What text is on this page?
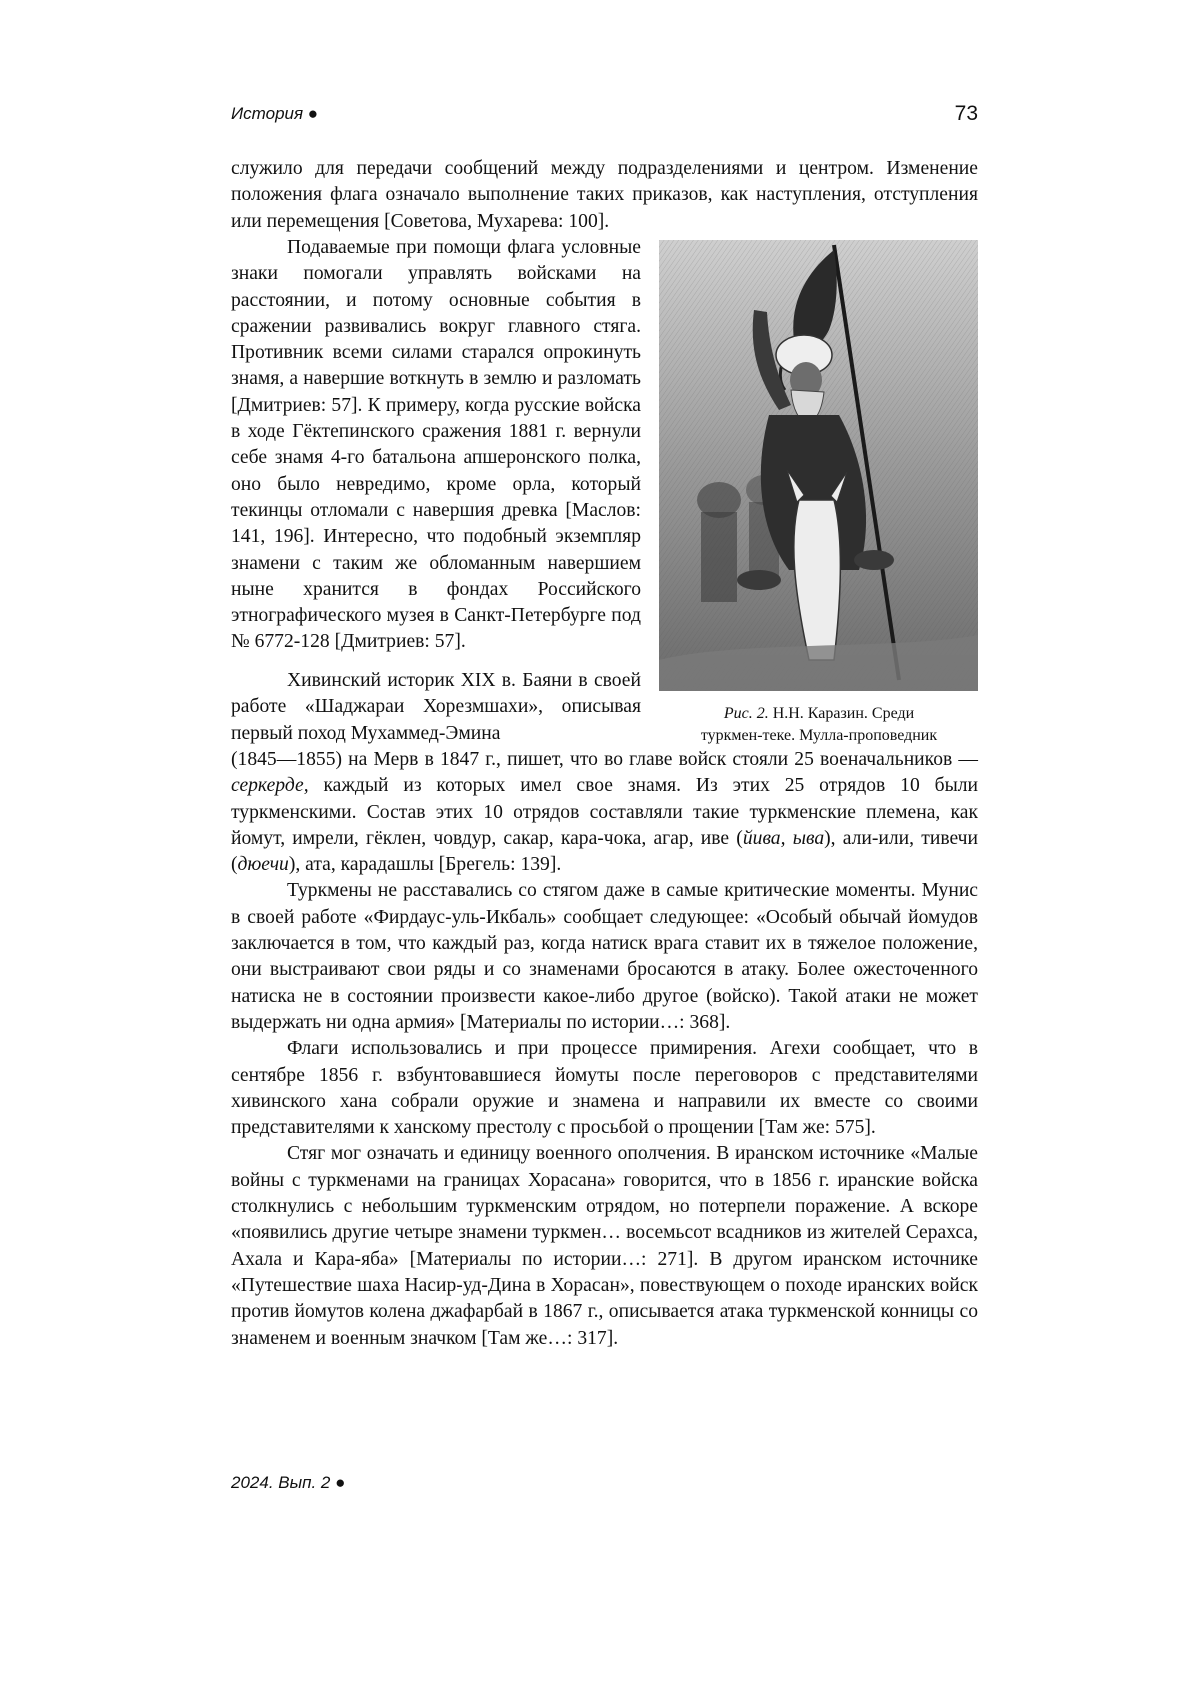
История ●	73

служило для передачи сообщений между подразделениями и центром. Изменение положения флага означало выполнение таких приказов, как наступления, отступления или перемещения [Советова, Мухарева: 100].

Подаваемые при помощи флага условные знаки помогали управлять войсками на расстоянии, и потому основные события в сражении развивались вокруг главного стяга. Противник всеми силами старался опрокинуть знамя, а навершие воткнуть в землю и разломать [Дмитриев: 57]. К примеру, когда русские войска в ходе Гёктепинского сражения 1881 г. вернули себе знамя 4-го батальона апшеронского полка, оно было невредимо, кроме орла, который текинцы отломали с навершия древка [Маслов: 141, 196]. Интересно, что подобный экземпляр знамени с таким же обломанным навершием ныне хранится в фондах Российского этнографического музея в Санкт-Петербурге под № 6772-128 [Дмитриев: 57].

Хивинский историк XIX в. Баяни в своей работе «Шаджараи Хорезмшахи», описывая первый поход Мухаммед-Эмина

Рис. 2. Н.Н. Каразин. Среди
туркмен-теке. Мулла-проповедник

(1845—1855) на Мерв в 1847 г., пишет, что во главе войск стояли 25 военачальников — серкерде, каждый из которых имел свое знамя. Из этих 25 отрядов 10 были туркменскими. Состав этих 10 отрядов составляли такие туркменские племена, как йомут, имрели, гёклен, човдур, сакар, кара-чока, агар, иве (йива, ыва), али-или, тивечи (дюечи), ата, карадашлы [Брегель: 139].

Туркмены не расставались со стягом даже в самые критические моменты. Мунис в своей работе «Фирдаус-уль-Икбаль» сообщает следующее: «Особый обычай йомудов заключается в том, что каждый раз, когда натиск врага ставит их в тяжелое положение, они выстраивают свои ряды и со знаменами бросаются в атаку. Более ожесточенного натиска не в состоянии произвести какое-либо другое (войско). Такой атаки не может выдержать ни одна армия» [Материалы по истории…: 368].

Флаги использовались и при процессе примирения. Агехи сообщает, что в сентябре 1856 г. взбунтовавшиеся йомуты после переговоров с представителями хивинского хана собрали оружие и знамена и направили их вместе со своими представителями к ханскому престолу с просьбой о прощении [Там же: 575].

Стяг мог означать и единицу военного ополчения. В иранском источнике «Малые войны с туркменами на границах Хорасана» говорится, что в 1856 г. иранские войска столкнулись с небольшим туркменским отрядом, но потерпели поражение. А вскоре «появились другие четыре знамени туркмен… восемьсот всадников из жителей Серахса, Ахала и Кара-яба» [Материалы по истории…: 271]. В другом иранском источнике «Путешествие шаха Насир-уд-Дина в Хорасан», повествующем о походе иранских войск против йомутов колена джафарбай в 1867 г., описывается атака туркменской конницы со знаменем и военным значком [Там же…: 317].

2024. Вып. 2 ●
